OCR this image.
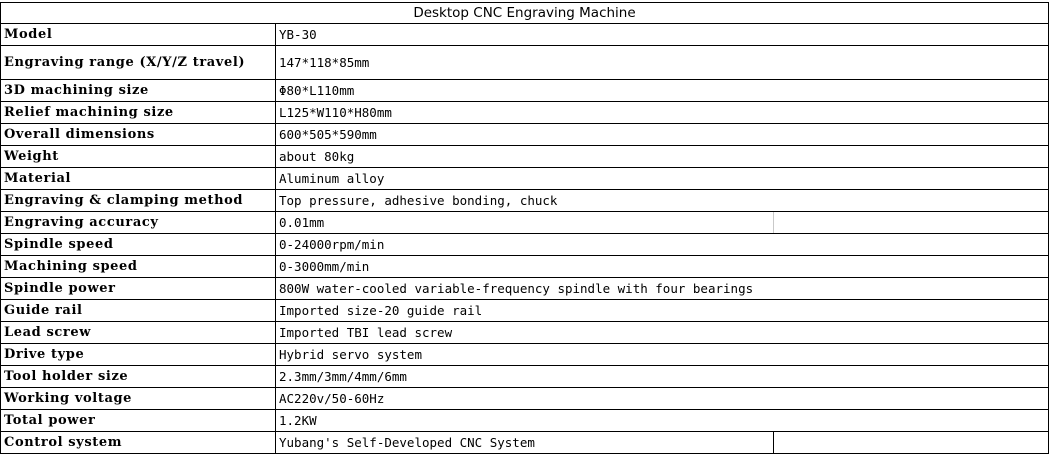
Desktop CNC Engraving Machine		
Model	YB-30	
Engraving range (X/Y/Z travel)	147*118*85mm	
3D machining size	Φ80*L110mm	
Relief machining size	L125*W110*H80mm	
Overall dimensions	600*505*590mm	
Weight	about 80kg	
Material	Aluminum alloy	
Engraving & clamping method	Top pressure, adhesive bonding, chuck	
Engraving accuracy	0.01mm	
Spindle speed	0-24000rpm/min	
Machining speed	0-3000mm/min	
Spindle power	800W water-cooled variable-frequency spindle with four bearings	
Guide rail	Imported size-20 guide rail	
Lead screw	Imported TBI lead screw	
Drive type	Hybrid servo system	
Tool holder size	2.3mm/3mm/4mm/6mm	
Working voltage	AC220v/50-60Hz	
Total power	1.2KW	
Control system	Yubang's Self-Developed CNC System	
